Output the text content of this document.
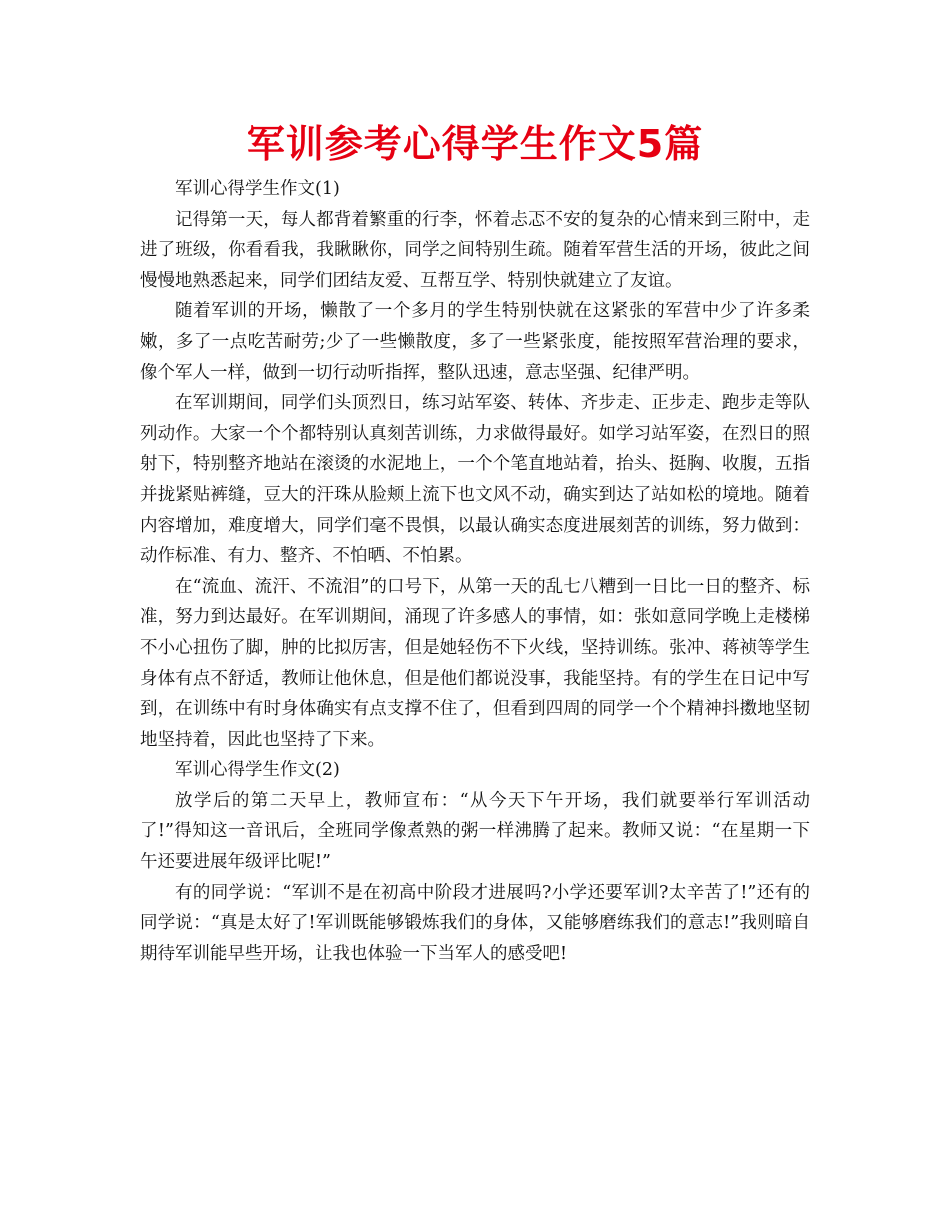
军训参考心得学生作文5篇

军训心得学生作文(1)

记得第一天，每人都背着繁重的行李，怀着忐忑不安的复杂的心情来到三附中，走进了班级，你看看我，我瞅瞅你，同学之间特别生疏。随着军营生活的开场，彼此之间慢慢地熟悉起来，同学们团结友爱、互帮互学、特别快就建立了友谊。

随着军训的开场，懒散了一个多月的学生特别快就在这紧张的军营中少了许多柔嫩，多了一点吃苦耐劳;少了一些懒散度，多了一些紧张度，能按照军营治理的要求，像个军人一样，做到一切行动听指挥，整队迅速，意志坚强、纪律严明。

在军训期间，同学们头顶烈日，练习站军姿、转体、齐步走、正步走、跑步走等队列动作。大家一个个都特别认真刻苦训练，力求做得最好。如学习站军姿，在烈日的照射下，特别整齐地站在滚烫的水泥地上，一个个笔直地站着，抬头、挺胸、收腹，五指并拢紧贴裤缝，豆大的汗珠从脸颊上流下也文风不动，确实到达了站如松的境地。随着内容增加，难度增大，同学们毫不畏惧，以最认确实态度进展刻苦的训练，努力做到：动作标准、有力、整齐、不怕晒、不怕累。

在“流血、流汗、不流泪”的口号下，从第一天的乱七八糟到一日比一日的整齐、标准，努力到达最好。在军训期间，涌现了许多感人的事情，如：张如意同学晚上走楼梯不小心扭伤了脚，肿的比拟厉害，但是她轻伤不下火线，坚持训练。张冲、蒋祯等学生身体有点不舒适，教师让他休息，但是他们都说没事，我能坚持。有的学生在日记中写到，在训练中有时身体确实有点支撑不住了，但看到四周的同学一个个精神抖擞地坚韧地坚持着，因此也坚持了下来。

军训心得学生作文(2)

放学后的第二天早上，教师宣布：“从今天下午开场，我们就要举行军训活动了!”得知这一音讯后，全班同学像煮熟的粥一样沸腾了起来。教师又说：“在星期一下午还要进展年级评比呢!”

有的同学说：“军训不是在初高中阶段才进展吗?小学还要军训?太辛苦了!”还有的同学说：“真是太好了!军训既能够锻炼我们的身体，又能够磨练我们的意志!”我则暗自期待军训能早些开场，让我也体验一下当军人的感受吧!
